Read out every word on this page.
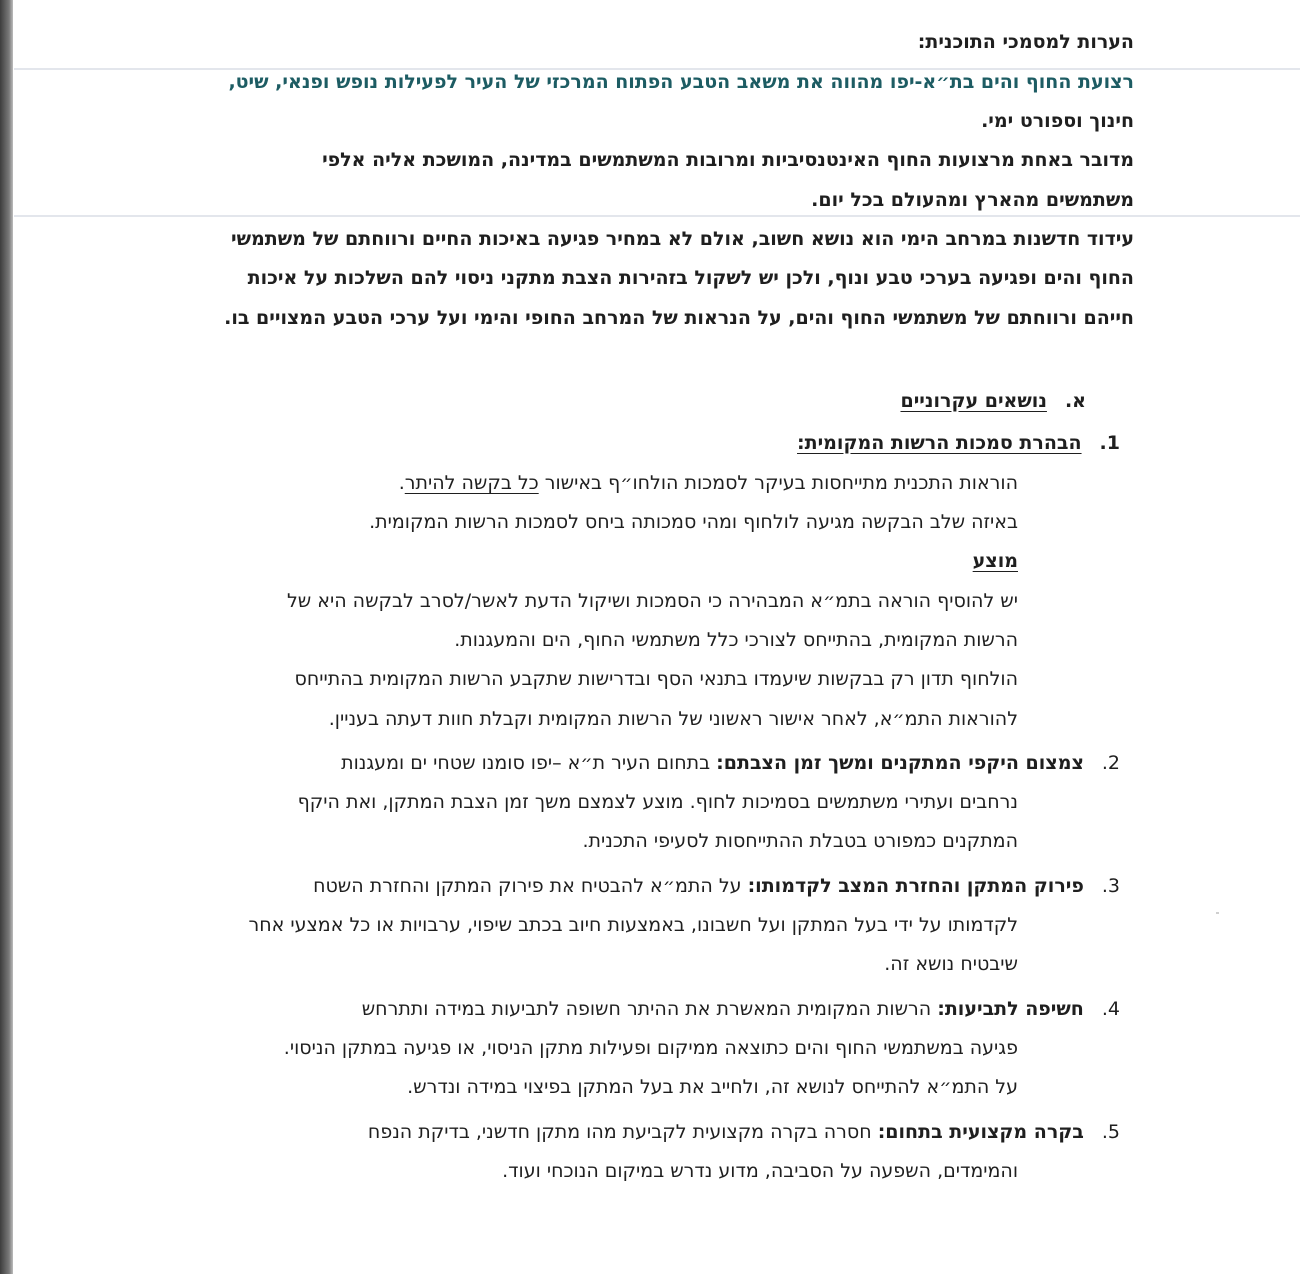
הערות למסמכי התוכנית:
רצועת החוף והים בת״א-יפו מהווה את משאב הטבע הפתוח המרכזי של העיר לפעילות נופש ופנאי, שיט,
חינוך וספורט ימי.
מדובר באחת מרצועות החוף האינטנסיביות ומרובות המשתמשים במדינה, המושכת אליה אלפי
משתמשים מהארץ ומהעולם בכל יום.
עידוד חדשנות במרחב הימי הוא נושא חשוב, אולם לא במחיר פגיעה באיכות החיים ורווחתם של משתמשי
החוף והים ופגיעה בערכי טבע ונוף, ולכן יש לשקול בזהירות הצבת מתקני ניסוי להם השלכות על איכות
חייהם ורווחתם של משתמשי החוף והים, על הנראות של המרחב החופי והימי ועל ערכי הטבע המצויים בו.
א.נושאים עקרוניים
1.הבהרת סמכות הרשות המקומית:
הוראות התכנית מתייחסות בעיקר לסמכות הולחו״ף באישור כל בקשה להיתר.
באיזה שלב הבקשה מגיעה לולחוף ומהי סמכותה ביחס לסמכות הרשות המקומית.
מוצע
יש להוסיף הוראה בתמ״א המבהירה כי הסמכות ושיקול הדעת לאשר/לסרב לבקשה היא של
הרשות המקומית, בהתייחס לצורכי כלל משתמשי החוף, הים והמעגנות.
הולחוף תדון רק בבקשות שיעמדו בתנאי הסף ובדרישות שתקבע הרשות המקומית בהתייחס
להוראות התמ״א, לאחר אישור ראשוני של הרשות המקומית וקבלת חוות דעתה בעניין.
2.צמצום היקפי המתקנים ומשך זמן הצבתם: בתחום העיר ת״א –יפו סומנו שטחי ים ומעגנות
נרחבים ועתירי משתמשים בסמיכות לחוף. מוצע לצמצם משך זמן הצבת המתקן, ואת היקף
המתקנים כמפורט בטבלת ההתייחסות לסעיפי התכנית.
3.פירוק המתקן והחזרת המצב לקדמותו: על התמ״א להבטיח את פירוק המתקן והחזרת השטח
לקדמותו על ידי בעל המתקן ועל חשבונו, באמצעות חיוב בכתב שיפוי, ערבויות או כל אמצעי אחר
שיבטיח נושא זה.
4.חשיפה לתביעות: הרשות המקומית המאשרת את ההיתר חשופה לתביעות במידה ותתרחש
פגיעה במשתמשי החוף והים כתוצאה ממיקום ופעילות מתקן הניסוי, או פגיעה במתקן הניסוי.
על התמ״א להתייחס לנושא זה, ולחייב את בעל המתקן בפיצוי במידה ונדרש.
5.בקרה מקצועית בתחום: חסרה בקרה מקצועית לקביעת מהו מתקן חדשני, בדיקת הנפח
והמימדים, השפעה על הסביבה, מדוע נדרש במיקום הנוכחי ועוד.
